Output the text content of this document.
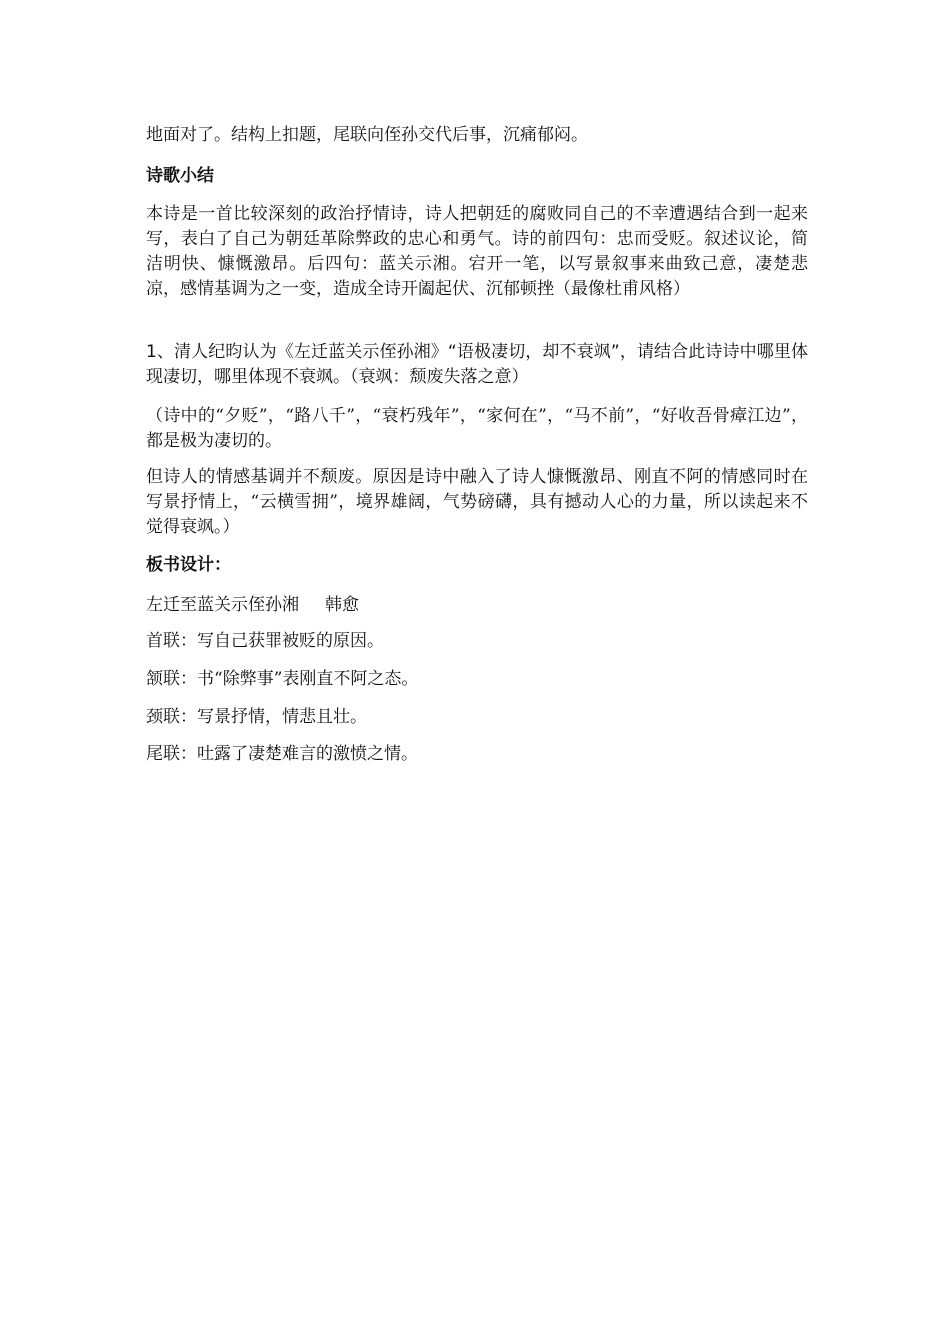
地面对了。结构上扣题，尾联向侄孙交代后事，沉痛郁闷。

诗歌小结

本诗是一首比较深刻的政治抒情诗，诗人把朝廷的腐败同自己的不幸遭遇结合到一起来写，表白了自己为朝廷革除弊政的忠心和勇气。诗的前四句：忠而受贬。叙述议论，简洁明快、慷慨激昂。后四句：蓝关示湘。宕开一笔，以写景叙事来曲致己意，凄楚悲凉，感情基调为之一变，造成全诗开阖起伏、沉郁顿挫（最像杜甫风格）

1、清人纪昀认为《左迁蓝关示侄孙湘》“语极凄切，却不衰飒”，请结合此诗诗中哪里体现凄切，哪里体现不衰飒。（衰飒：颓废失落之意）

（诗中的“夕贬”，“路八千”，“衰朽残年”，“家何在”，“马不前”，“好收吾骨瘴江边”，都是极为凄切的。

但诗人的情感基调并不颓废。原因是诗中融入了诗人慷慨激昂、刚直不阿的情感同时在写景抒情上，“云横雪拥”，境界雄阔，气势磅礴，具有撼动人心的力量，所以读起来不觉得衰飒。）

板书设计：

左迁至蓝关示侄孙湘 韩愈

首联：写自己获罪被贬的原因。

颔联：书“除弊事”表刚直不阿之态。

颈联：写景抒情，情悲且壮。

尾联：吐露了凄楚难言的激愤之情。
